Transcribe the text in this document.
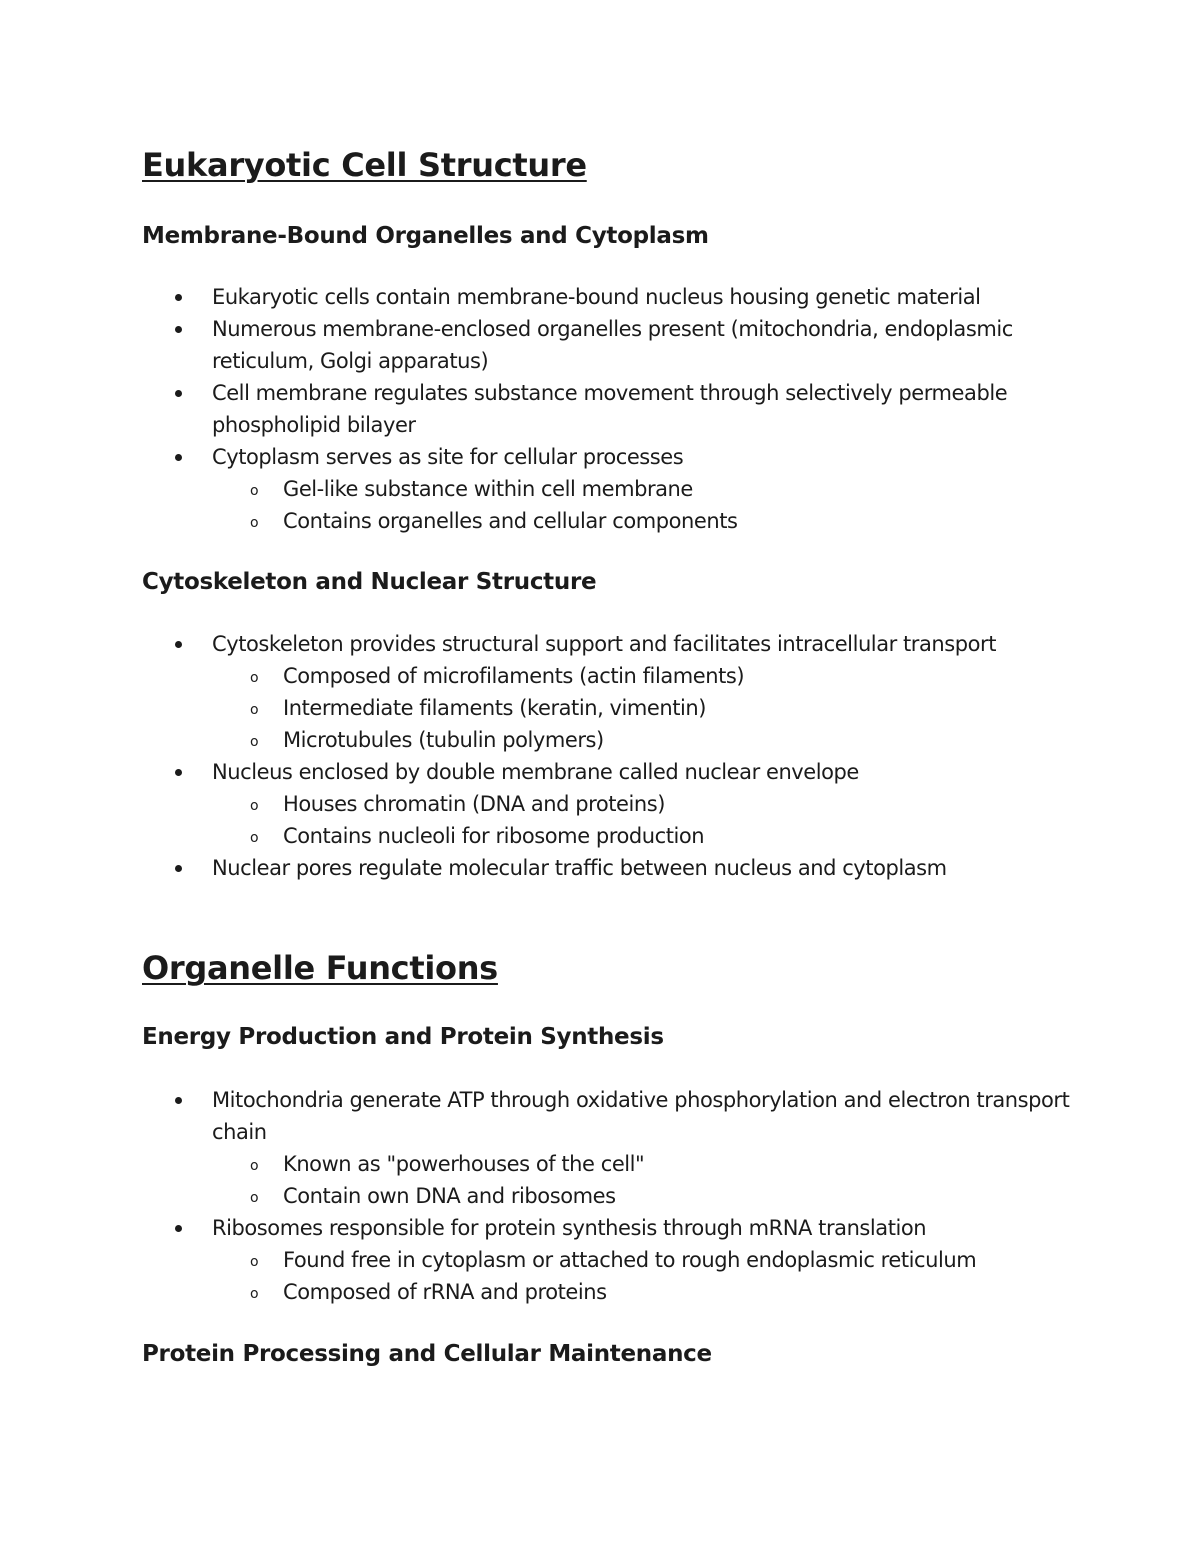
Eukaryotic Cell Structure
Membrane-Bound Organelles and Cytoplasm
Eukaryotic cells contain membrane-bound nucleus housing genetic material
Numerous membrane-enclosed organelles present (mitochondria, endoplasmic reticulum, Golgi apparatus)
Cell membrane regulates substance movement through selectively permeable phospholipid bilayer
Cytoplasm serves as site for cellular processes
o Gel-like substance within cell membrane
o Contains organelles and cellular components
Cytoskeleton and Nuclear Structure
Cytoskeleton provides structural support and facilitates intracellular transport
o Composed of microfilaments (actin filaments)
o Intermediate filaments (keratin, vimentin)
o Microtubules (tubulin polymers)
Nucleus enclosed by double membrane called nuclear envelope
o Houses chromatin (DNA and proteins)
o Contains nucleoli for ribosome production
Nuclear pores regulate molecular traffic between nucleus and cytoplasm
Organelle Functions
Energy Production and Protein Synthesis
Mitochondria generate ATP through oxidative phosphorylation and electron transport chain
o Known as "powerhouses of the cell"
o Contain own DNA and ribosomes
Ribosomes responsible for protein synthesis through mRNA translation
o Found free in cytoplasm or attached to rough endoplasmic reticulum
o Composed of rRNA and proteins
Protein Processing and Cellular Maintenance
